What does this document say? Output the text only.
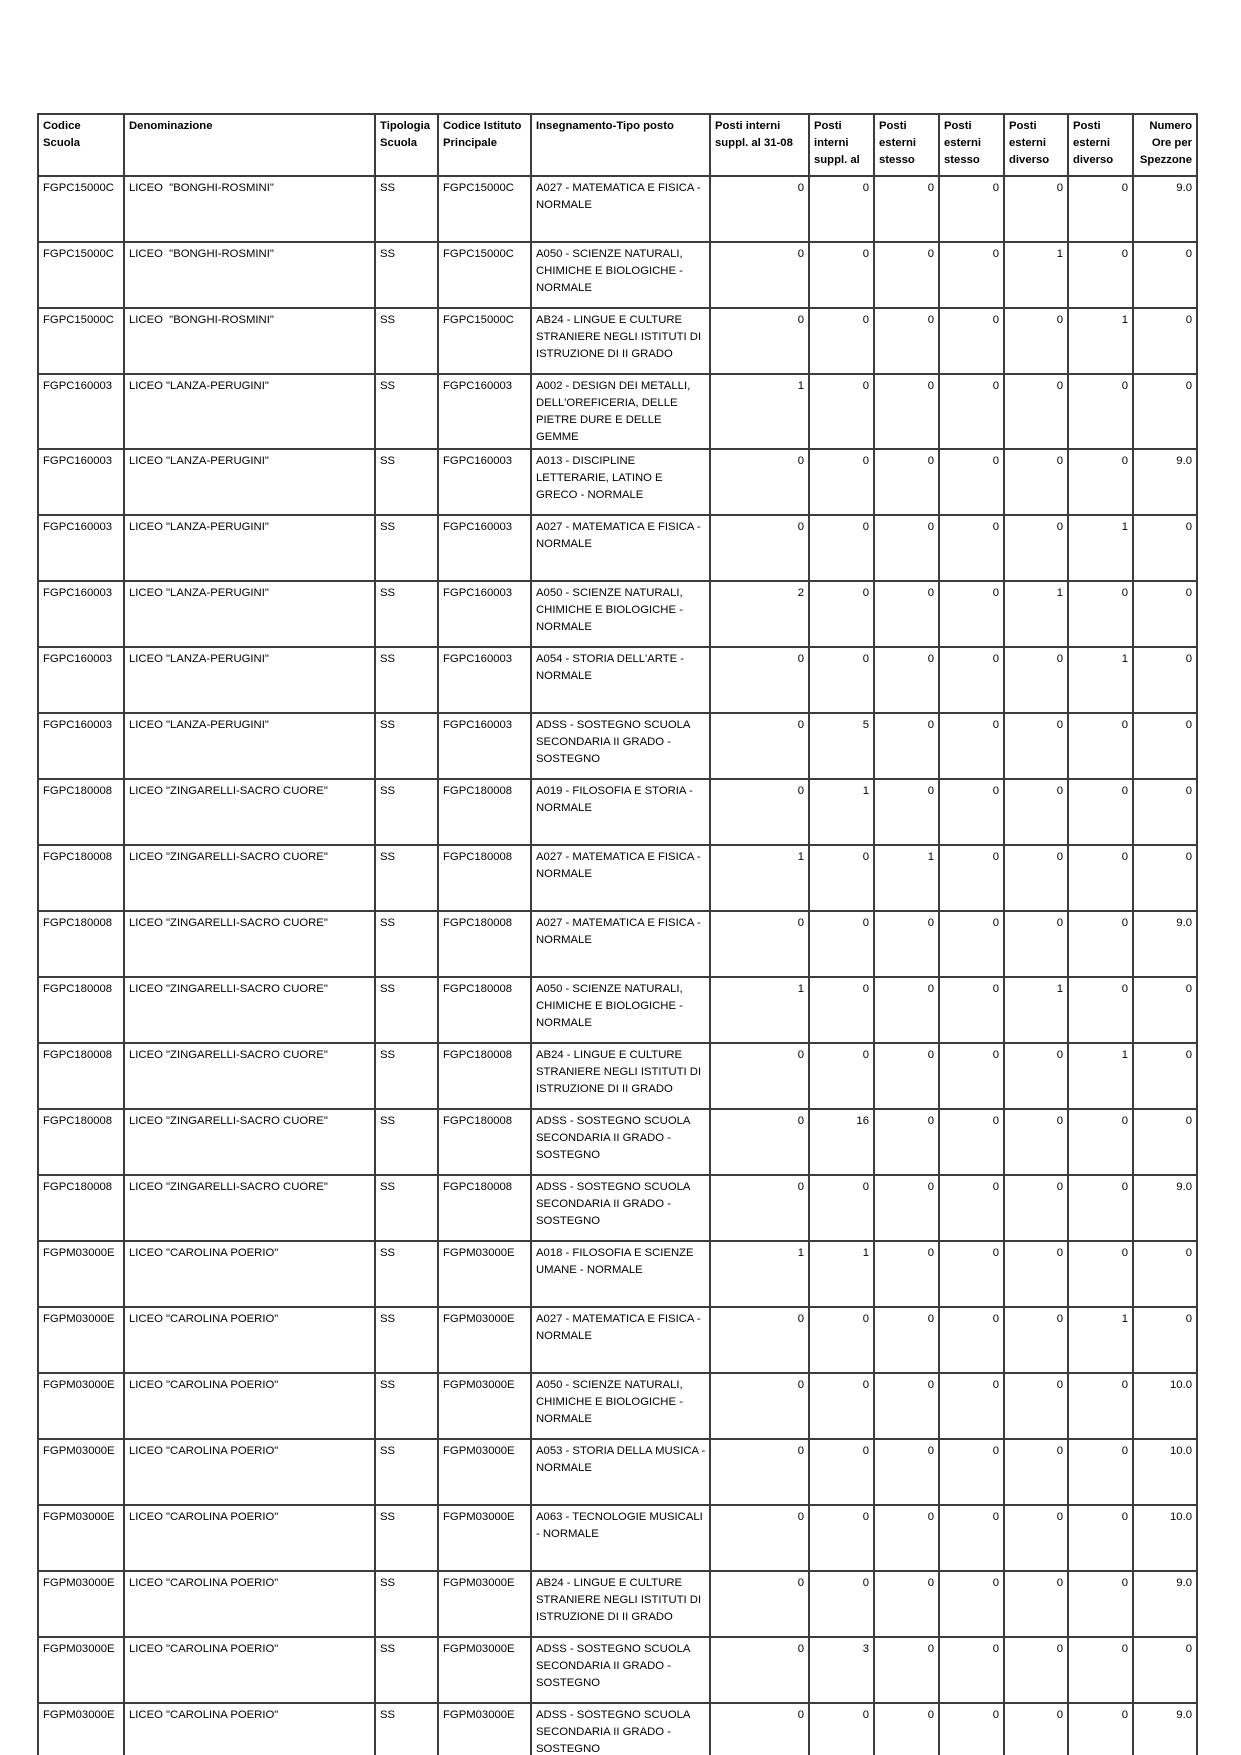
Codice Scuola	Denominazione	Tipologia Scuola	Codice Istituto Principale	Insegnamento-Tipo posto	Posti interni suppl. al 31-08	Posti interni suppl. al	Posti esterni stesso	Posti esterni stesso	Posti esterni diverso	Posti esterni diverso	Numero Ore per Spezzone
FGPC15000C	LICEO  "BONGHI-ROSMINI"	SS	FGPC15000C	A027 - MATEMATICA E FISICA - NORMALE	0	0	0	0	0	0	9.0
FGPC15000C	LICEO  "BONGHI-ROSMINI"	SS	FGPC15000C	A050 - SCIENZE NATURALI, CHIMICHE E BIOLOGICHE - NORMALE	0	0	0	0	1	0	0
FGPC15000C	LICEO  "BONGHI-ROSMINI"	SS	FGPC15000C	AB24 - LINGUE E CULTURE STRANIERE NEGLI ISTITUTI DI ISTRUZIONE DI II GRADO	0	0	0	0	0	1	0
FGPC160003	LICEO "LANZA-PERUGINI"	SS	FGPC160003	A002 - DESIGN DEI METALLI, DELL'OREFICERIA, DELLE PIETRE DURE E DELLE GEMME	1	0	0	0	0	0	0
FGPC160003	LICEO "LANZA-PERUGINI"	SS	FGPC160003	A013 - DISCIPLINE LETTERARIE, LATINO E GRECO - NORMALE	0	0	0	0	0	0	9.0
FGPC160003	LICEO "LANZA-PERUGINI"	SS	FGPC160003	A027 - MATEMATICA E FISICA - NORMALE	0	0	0	0	0	1	0
FGPC160003	LICEO "LANZA-PERUGINI"	SS	FGPC160003	A050 - SCIENZE NATURALI, CHIMICHE E BIOLOGICHE - NORMALE	2	0	0	0	1	0	0
FGPC160003	LICEO "LANZA-PERUGINI"	SS	FGPC160003	A054 - STORIA DELL'ARTE - NORMALE	0	0	0	0	0	1	0
FGPC160003	LICEO "LANZA-PERUGINI"	SS	FGPC160003	ADSS - SOSTEGNO SCUOLA SECONDARIA II GRADO - SOSTEGNO	0	5	0	0	0	0	0
FGPC180008	LICEO "ZINGARELLI-SACRO CUORE"	SS	FGPC180008	A019 - FILOSOFIA E STORIA - NORMALE	0	1	0	0	0	0	0
FGPC180008	LICEO "ZINGARELLI-SACRO CUORE"	SS	FGPC180008	A027 - MATEMATICA E FISICA - NORMALE	1	0	1	0	0	0	0
FGPC180008	LICEO "ZINGARELLI-SACRO CUORE"	SS	FGPC180008	A027 - MATEMATICA E FISICA - NORMALE	0	0	0	0	0	0	9.0
FGPC180008	LICEO "ZINGARELLI-SACRO CUORE"	SS	FGPC180008	A050 - SCIENZE NATURALI, CHIMICHE E BIOLOGICHE - NORMALE	1	0	0	0	1	0	0
FGPC180008	LICEO "ZINGARELLI-SACRO CUORE"	SS	FGPC180008	AB24 - LINGUE E CULTURE STRANIERE NEGLI ISTITUTI DI ISTRUZIONE DI II GRADO	0	0	0	0	0	1	0
FGPC180008	LICEO "ZINGARELLI-SACRO CUORE"	SS	FGPC180008	ADSS - SOSTEGNO SCUOLA SECONDARIA II GRADO - SOSTEGNO	0	16	0	0	0	0	0
FGPC180008	LICEO "ZINGARELLI-SACRO CUORE"	SS	FGPC180008	ADSS - SOSTEGNO SCUOLA SECONDARIA II GRADO - SOSTEGNO	0	0	0	0	0	0	9.0
FGPM03000E	LICEO "CAROLINA POERIO"	SS	FGPM03000E	A018 - FILOSOFIA E SCIENZE UMANE - NORMALE	1	1	0	0	0	0	0
FGPM03000E	LICEO "CAROLINA POERIO"	SS	FGPM03000E	A027 - MATEMATICA E FISICA - NORMALE	0	0	0	0	0	1	0
FGPM03000E	LICEO "CAROLINA POERIO"	SS	FGPM03000E	A050 - SCIENZE NATURALI, CHIMICHE E BIOLOGICHE - NORMALE	0	0	0	0	0	0	10.0
FGPM03000E	LICEO "CAROLINA POERIO"	SS	FGPM03000E	A053 - STORIA DELLA MUSICA - NORMALE	0	0	0	0	0	0	10.0
FGPM03000E	LICEO "CAROLINA POERIO"	SS	FGPM03000E	A063 - TECNOLOGIE MUSICALI - NORMALE	0	0	0	0	0	0	10.0
FGPM03000E	LICEO "CAROLINA POERIO"	SS	FGPM03000E	AB24 - LINGUE E CULTURE STRANIERE NEGLI ISTITUTI DI ISTRUZIONE DI II GRADO	0	0	0	0	0	0	9.0
FGPM03000E	LICEO "CAROLINA POERIO"	SS	FGPM03000E	ADSS - SOSTEGNO SCUOLA SECONDARIA II GRADO - SOSTEGNO	0	3	0	0	0	0	0
FGPM03000E	LICEO "CAROLINA POERIO"	SS	FGPM03000E	ADSS - SOSTEGNO SCUOLA SECONDARIA II GRADO - SOSTEGNO	0	0	0	0	0	0	9.0
